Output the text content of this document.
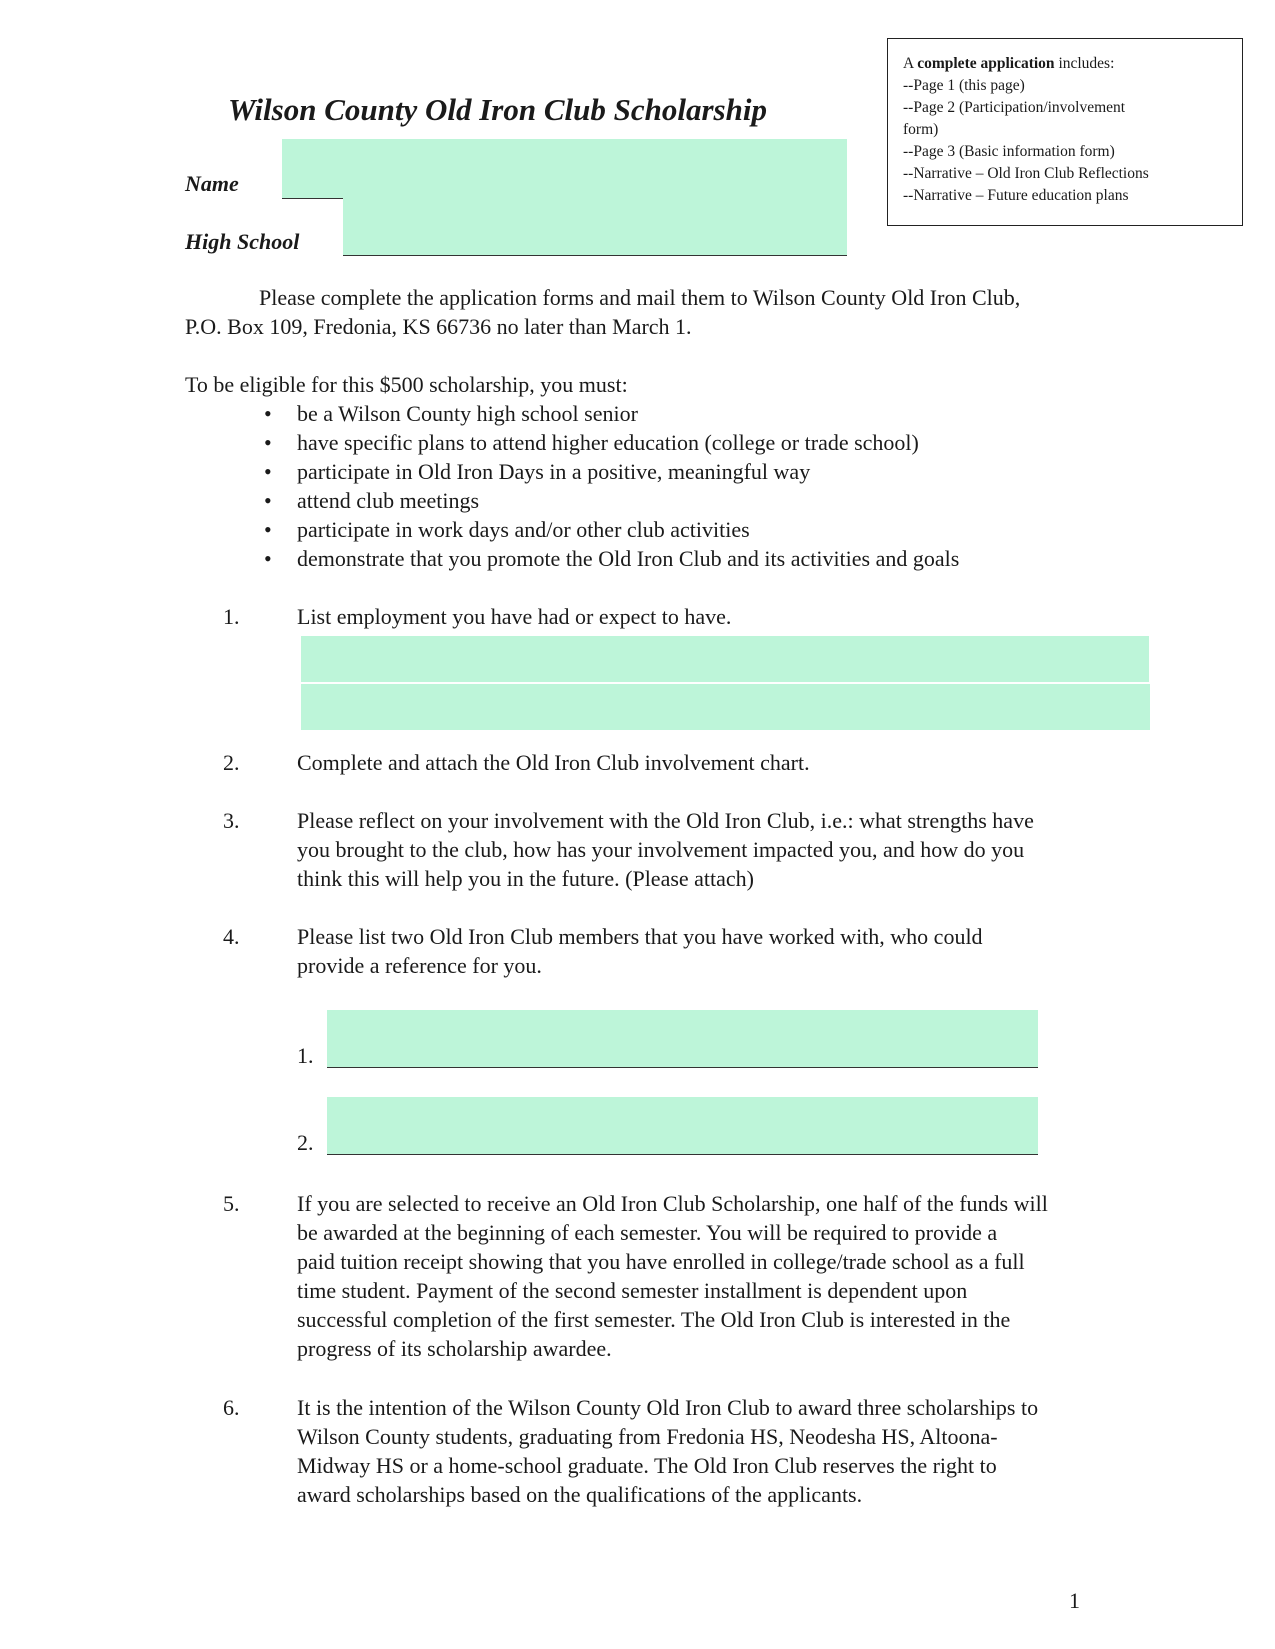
A complete application includes:
--Page 1 (this page)
--Page 2 (Participation/involvement
form)
--Page 3 (Basic information form)
--Narrative – Old Iron Club Reflections
--Narrative – Future education plans
Wilson County Old Iron Club Scholarship
Name
High School
Please complete the application forms and mail them to Wilson County Old Iron Club,
P.O. Box 109, Fredonia, KS 66736 no later than March 1.
To be eligible for this $500 scholarship, you must:
• be a Wilson County high school senior
• have specific plans to attend higher education (college or trade school)
• participate in Old Iron Days in a positive, meaningful way
• attend club meetings
• participate in work days and/or other club activities
• demonstrate that you promote the Old Iron Club and its activities and goals
1.	List employment you have had or expect to have.
2.	Complete and attach the Old Iron Club involvement chart.
3.	Please reflect on your involvement with the Old Iron Club, i.e.: what strengths have
you brought to the club, how has your involvement impacted you, and how do you
think this will help you in the future. (Please attach)
4.	Please list two Old Iron Club members that you have worked with, who could
provide a reference for you.
1.
2.
5.	If you are selected to receive an Old Iron Club Scholarship, one half of the funds will
be awarded at the beginning of each semester. You will be required to provide a
paid tuition receipt showing that you have enrolled in college/trade school as a full
time student. Payment of the second semester installment is dependent upon
successful completion of the first semester. The Old Iron Club is interested in the
progress of its scholarship awardee.
6.	It is the intention of the Wilson County Old Iron Club to award three scholarships to
Wilson County students, graduating from Fredonia HS, Neodesha HS, Altoona-
Midway HS or a home-school graduate. The Old Iron Club reserves the right to
award scholarships based on the qualifications of the applicants.
1
